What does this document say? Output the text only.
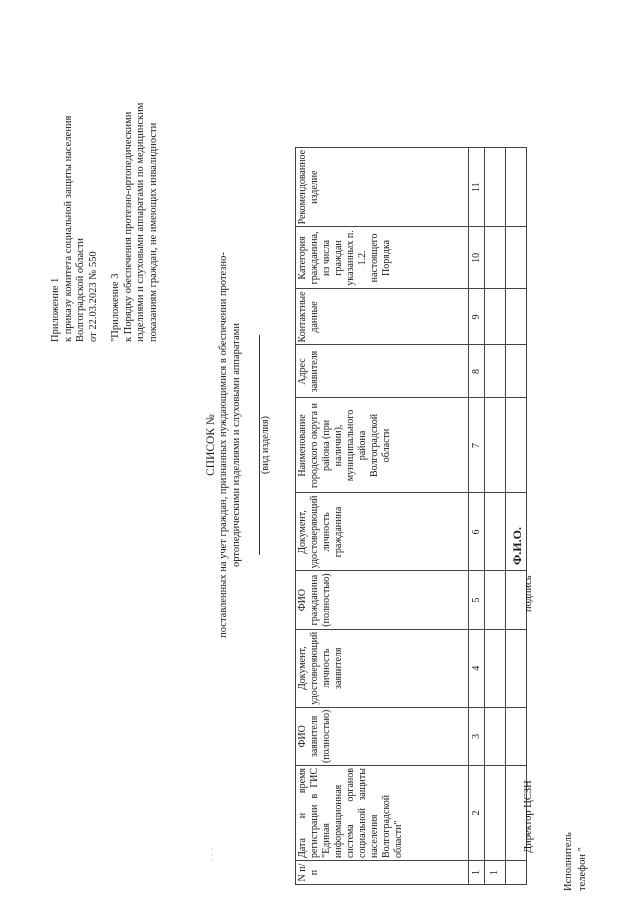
Приложение 1 к приказу комитета социальной защиты населения Волгоградской области от 22.03.2023 № 550 "Приложение 3 к Порядку обеспечения протезно-ортопедическими изделиями и слуховыми аппаратами по медицинским показаниям граждан, не имеющих инвалидности
СПИСОК № поставленных на учет граждан, признанных нуждающимися в обеспечении протезно-ортопедическими изделиями и слуховыми аппаратами (вид изделия)
N п/п	Дата и время регистрации в ГИС "Единая информационная система органов социальной защиты населения Волгоградской области"	ФИО заявителя (полностью)	Документ, удостоверяющий личность заявителя	ФИО гражданина (полностью)	Документ, удостоверяющий личность гражданина	Наименование городского округа и района (при наличии), муниципального района Волгоградской области	Адрес заявителя	Контактные данные	Категория гражданина, из числа граждан указанных п. 1.2. настоящего Порядка	Рекомендованное изделие
1	2	3	4	5	6	7	8	9	10	11
1										

Директор ЦСЗН
подпись
Ф.И.О.
Исполнитель телефон "
· · ·
